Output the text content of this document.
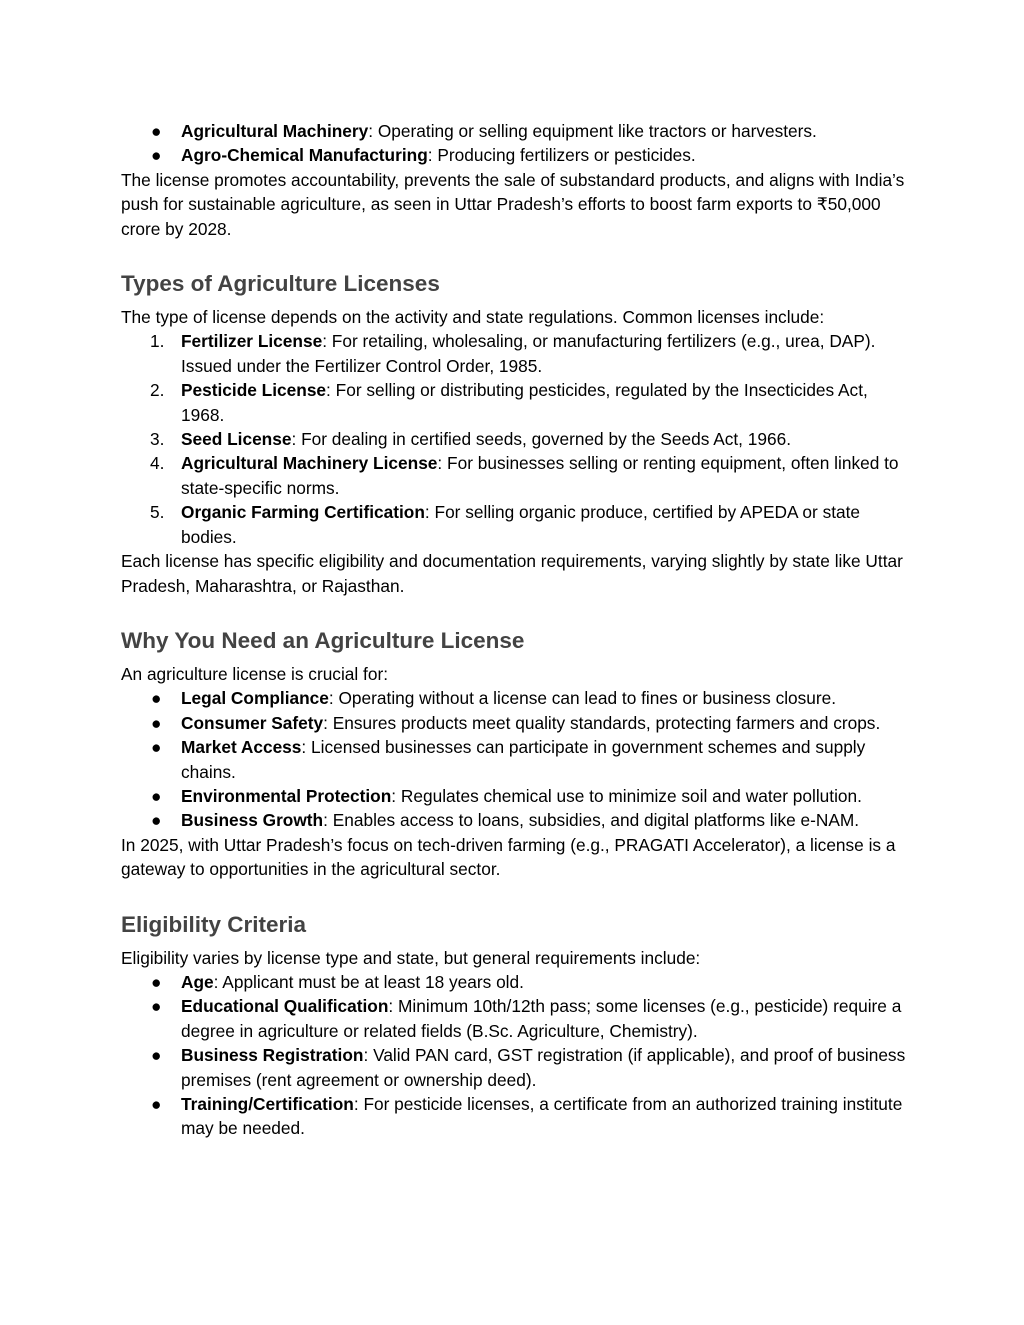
● Agricultural Machinery: Operating or selling equipment like tractors or harvesters.
● Agro-Chemical Manufacturing: Producing fertilizers or pesticides.

The license promotes accountability, prevents the sale of substandard products, and aligns with India’s push for sustainable agriculture, as seen in Uttar Pradesh’s efforts to boost farm exports to ₹50,000 crore by 2028.

Types of Agriculture Licenses

The type of license depends on the activity and state regulations. Common licenses include:

1. Fertilizer License: For retailing, wholesaling, or manufacturing fertilizers (e.g., urea, DAP). Issued under the Fertilizer Control Order, 1985.
2. Pesticide License: For selling or distributing pesticides, regulated by the Insecticides Act, 1968.
3. Seed License: For dealing in certified seeds, governed by the Seeds Act, 1966.
4. Agricultural Machinery License: For businesses selling or renting equipment, often linked to state-specific norms.
5. Organic Farming Certification: For selling organic produce, certified by APEDA or state bodies.

Each license has specific eligibility and documentation requirements, varying slightly by state like Uttar Pradesh, Maharashtra, or Rajasthan.

Why You Need an Agriculture License

An agriculture license is crucial for:

● Legal Compliance: Operating without a license can lead to fines or business closure.
● Consumer Safety: Ensures products meet quality standards, protecting farmers and crops.
● Market Access: Licensed businesses can participate in government schemes and supply chains.
● Environmental Protection: Regulates chemical use to minimize soil and water pollution.
● Business Growth: Enables access to loans, subsidies, and digital platforms like e-NAM.

In 2025, with Uttar Pradesh’s focus on tech-driven farming (e.g., PRAGATI Accelerator), a license is a gateway to opportunities in the agricultural sector.

Eligibility Criteria

Eligibility varies by license type and state, but general requirements include:

● Age: Applicant must be at least 18 years old.
● Educational Qualification: Minimum 10th/12th pass; some licenses (e.g., pesticide) require a degree in agriculture or related fields (B.Sc. Agriculture, Chemistry).
● Business Registration: Valid PAN card, GST registration (if applicable), and proof of business premises (rent agreement or ownership deed).
● Training/Certification: For pesticide licenses, a certificate from an authorized training institute may be needed.
